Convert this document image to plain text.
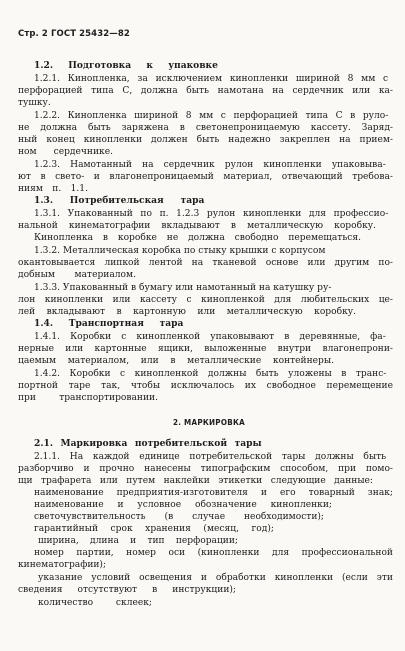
Стр. 2 ГОСТ 25432—82
1.2. Подготовка к упаковке
1.2.1. Кинопленка, за исключением кинопленки шириной 8 мм с
перфорацией типа С, должна быть намотана на сердечник или ка-
тушку.
1.2.2. Кинопленка шириной 8 мм с перфорацией типа С в руло-
не должна быть заряжена в светонепроницаемую кассету. Заряд-
ный конец кинопленки должен быть надежно закреплен на прием-
ном сердечнике.
1.2.3. Намотанный на сердечник рулон кинопленки упаковыва-
ют в свето- и влагонепроницаемый материал, отвечающий требова-
ниям п. 1.1.
1.3. Потребительская тара
1.3.1. Упакованный по п. 1.2.3 рулон кинопленки для профессио-
нальной кинематографии вкладывают в металлическую коробку.
Кинопленка в коробке не должна свободно перемещаться.
1.3.2. Металлическая коробка по стыку крышки с корпусом
окантовывается липкой лентой на тканевой основе или другим по-
добным материалом.
1.3.3. Упакованный в бумагу или намотанный на катушку ру-
лон кинопленки или кассету с кинопленкой для любительских це-
лей вкладывают в картонную или металлическую коробку.
1.4. Транспортная тара
1.4.1. Коробки с кинопленкой упаковывают в деревянные, фа-
нерные или картонные ящики, выложенные внутри влагонепрони-
цаемым материалом, или в металлические контейнеры.
1.4.2. Коробки с кинопленкой должны быть уложены в транс-
портной таре так, чтобы исключалось их свободное перемещение
при транспортировании.
2. МАРКИРОВКА
2.1. Маркировка потребительской тары
2.1.1. На каждой единице потребительской тары должны быть
разборчиво и прочно нанесены типографским способом, при помо-
щи трафарета или путем наклейки этикетки следующие данные:
наименование предприятия-изготовителя и его товарный знак;
наименование и условное обозначение кинопленки;
светочувствительность (в случае необходимости);
гарантийный срок хранения (месяц, год);
ширина, длина и тип перфорации;
номер партии, номер оси (кинопленки для профессиональной
кинематографии);
указание условий освещения и обработки кинопленки (если эти
сведения отсутствуют в инструкции);
количество склеек;
